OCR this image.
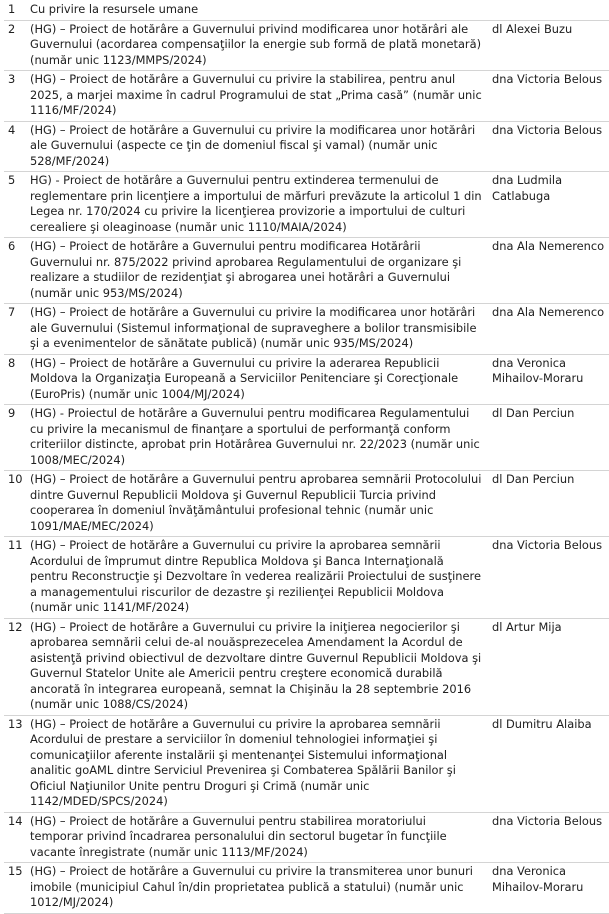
1	Cu privire la resursele umane	
2	(HG) – Proiect de hotărâre a Guvernului privind modificarea unor hotărâri ale Guvernului (acordarea compensaţiilor la energie sub formă de plată monetară) (număr unic 1123/MMPS/2024)	dl Alexei Buzu
3	(HG) – Proiect de hotărâre a Guvernului cu privire la stabilirea, pentru anul 2025, a marjei maxime în cadrul Programului de stat „Prima casă” (număr unic 1116/MF/2024)	dna Victoria Belous
4	(HG) – Proiect de hotărâre a Guvernului cu privire la modificarea unor hotărâri ale Guvernului (aspecte ce ţin de domeniul fiscal şi vamal) (număr unic 528/MF/2024)	dna Victoria Belous
5	HG) - Proiect de hotărâre a Guvernului pentru extinderea termenului de reglementare prin licenţiere a importului de mărfuri prevăzute la articolul 1 din Legea nr. 170/2024 cu privire la licenţierea provizorie a importului de culturi cerealiere şi oleaginoase (număr unic 1110/MAIA/2024)	dna Ludmila Catlabuga
6	(HG) – Proiect de hotărâre a Guvernului pentru modificarea Hotărârii Guvernului nr. 875/2022 privind aprobarea Regulamentului de organizare şi realizare a studiilor de rezidenţiat şi abrogarea unei hotărâri a Guvernului (număr unic 953/MS/2024)	dna Ala Nemerenco
7	(HG) – Proiect de hotărâre a Guvernului cu privire la modificarea unor hotărâri ale Guvernului (Sistemul informaţional de supraveghere a bolilor transmisibile şi a evenimentelor de sănătate publică) (număr unic 935/MS/2024)	dna Ala Nemerenco
8	(HG) – Proiect de hotărâre a Guvernului cu privire la aderarea Republicii Moldova la Organizaţia Europeană a Serviciilor Penitenciare şi Corecţionale (EuroPris) (număr unic 1004/MJ/2024)	dna Veronica Mihailov-Moraru
9	(HG) - Proiectul de hotărâre a Guvernului pentru modificarea Regulamentului cu privire la mecanismul de finanţare a sportului de performanţă conform criteriilor distincte, aprobat prin Hotărârea Guvernului nr. 22/2023 (număr unic 1008/MEC/2024)	dl Dan Perciun
10	(HG) – Proiect de hotărâre a Guvernului pentru aprobarea semnării Protocolului dintre Guvernul Republicii Moldova şi Guvernul Republicii Turcia privind cooperarea în domeniul învăţământului profesional tehnic (număr unic 1091/MAE/MEC/2024)	dl Dan Perciun
11	(HG) – Proiect de hotărâre a Guvernului cu privire la aprobarea semnării Acordului de împrumut dintre Republica Moldova şi Banca Internaţională pentru Reconstrucţie şi Dezvoltare în vederea realizării Proiectului de susţinere a managementului riscurilor de dezastre şi rezilienţei Republicii Moldova (număr unic 1141/MF/2024)	dna Victoria Belous
12	(HG) – Proiect de hotărâre a Guvernului cu privire la iniţierea negocierilor şi aprobarea semnării celui de-al nouăsprezecelea Amendament la Acordul de asistenţă privind obiectivul de dezvoltare dintre Guvernul Republicii Moldova şi Guvernul Statelor Unite ale Americii pentru creştere economică durabilă ancorată în integrarea europeană, semnat la Chişinău la 28 septembrie 2016 (număr unic 1088/CS/2024)	dl Artur Mija
13	(HG) – Proiect de hotărâre a Guvernului cu privire la aprobarea semnării Acordului de prestare a serviciilor în domeniul tehnologiei informaţiei şi comunicaţiilor aferente instalării şi mentenanţei Sistemului informaţional analitic goAML dintre Serviciul Prevenirea şi Combaterea Spălării Banilor şi Oficiul Naţiunilor Unite pentru Droguri şi Crimă (număr unic 1142/MDED/SPCS/2024)	dl Dumitru Alaiba
14	(HG) – Proiect de hotărâre a Guvernului pentru stabilirea moratoriului temporar privind încadrarea personalului din sectorul bugetar în funcţiile vacante înregistrate (număr unic 1113/MF/2024)	dna Victoria Belous
15	(HG) – Proiect de hotărâre a Guvernului cu privire la transmiterea unor bunuri imobile (municipiul Cahul în/din proprietatea publică a statului) (număr unic 1012/MJ/2024)	dna Veronica Mihailov-Moraru
